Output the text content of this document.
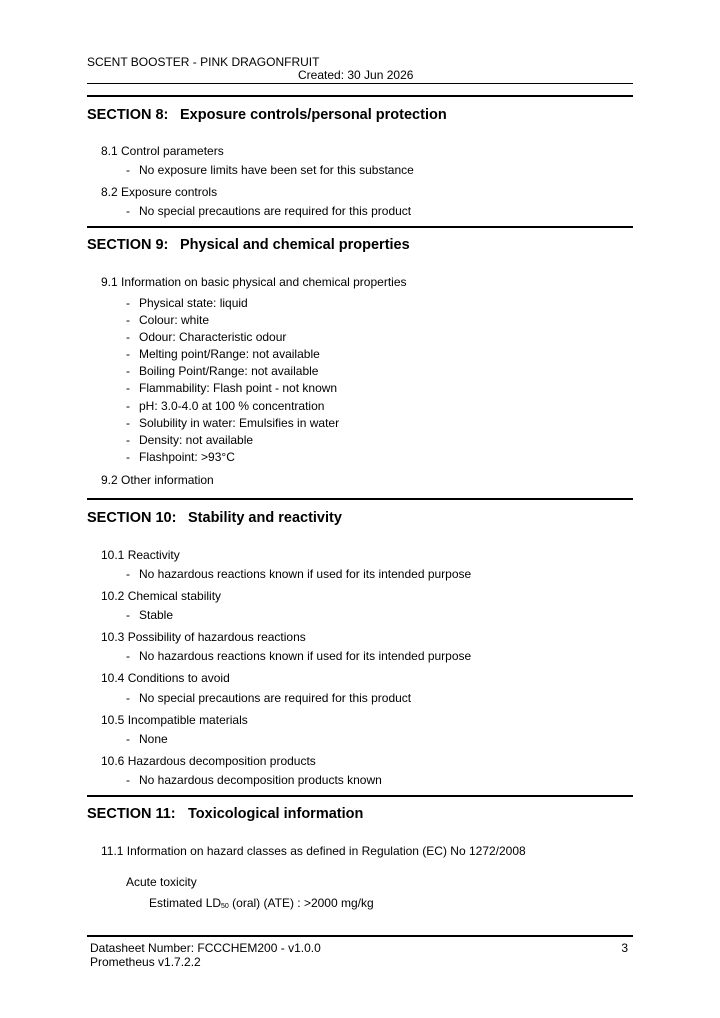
SCENT BOOSTER - PINK DRAGONFRUIT
Created: 30 Jun 2026
SECTION 8: Exposure controls/personal protection
8.1 Control parameters
- No exposure limits have been set for this substance
8.2 Exposure controls
- No special precautions are required for this product
SECTION 9: Physical and chemical properties
9.1 Information on basic physical and chemical properties
- Physical state: liquid
- Colour: white
- Odour: Characteristic odour
- Melting point/Range: not available
- Boiling Point/Range: not available
- Flammability: Flash point - not known
- pH: 3.0-4.0 at 100 % concentration
- Solubility in water: Emulsifies in water
- Density: not available
- Flashpoint: >93°C
9.2 Other information
SECTION 10: Stability and reactivity
10.1 Reactivity
- No hazardous reactions known if used for its intended purpose
10.2 Chemical stability
- Stable
10.3 Possibility of hazardous reactions
- No hazardous reactions known if used for its intended purpose
10.4 Conditions to avoid
- No special precautions are required for this product
10.5 Incompatible materials
- None
10.6 Hazardous decomposition products
- No hazardous decomposition products known
SECTION 11: Toxicological information
11.1 Information on hazard classes as defined in Regulation (EC) No 1272/2008
Acute toxicity
Estimated $LD_{50}$ (oral) (ATE) : >2000 mg/kg
Datasheet Number: FCCCHEM200 - v1.0.0
Prometheus v1.7.2.2
3
